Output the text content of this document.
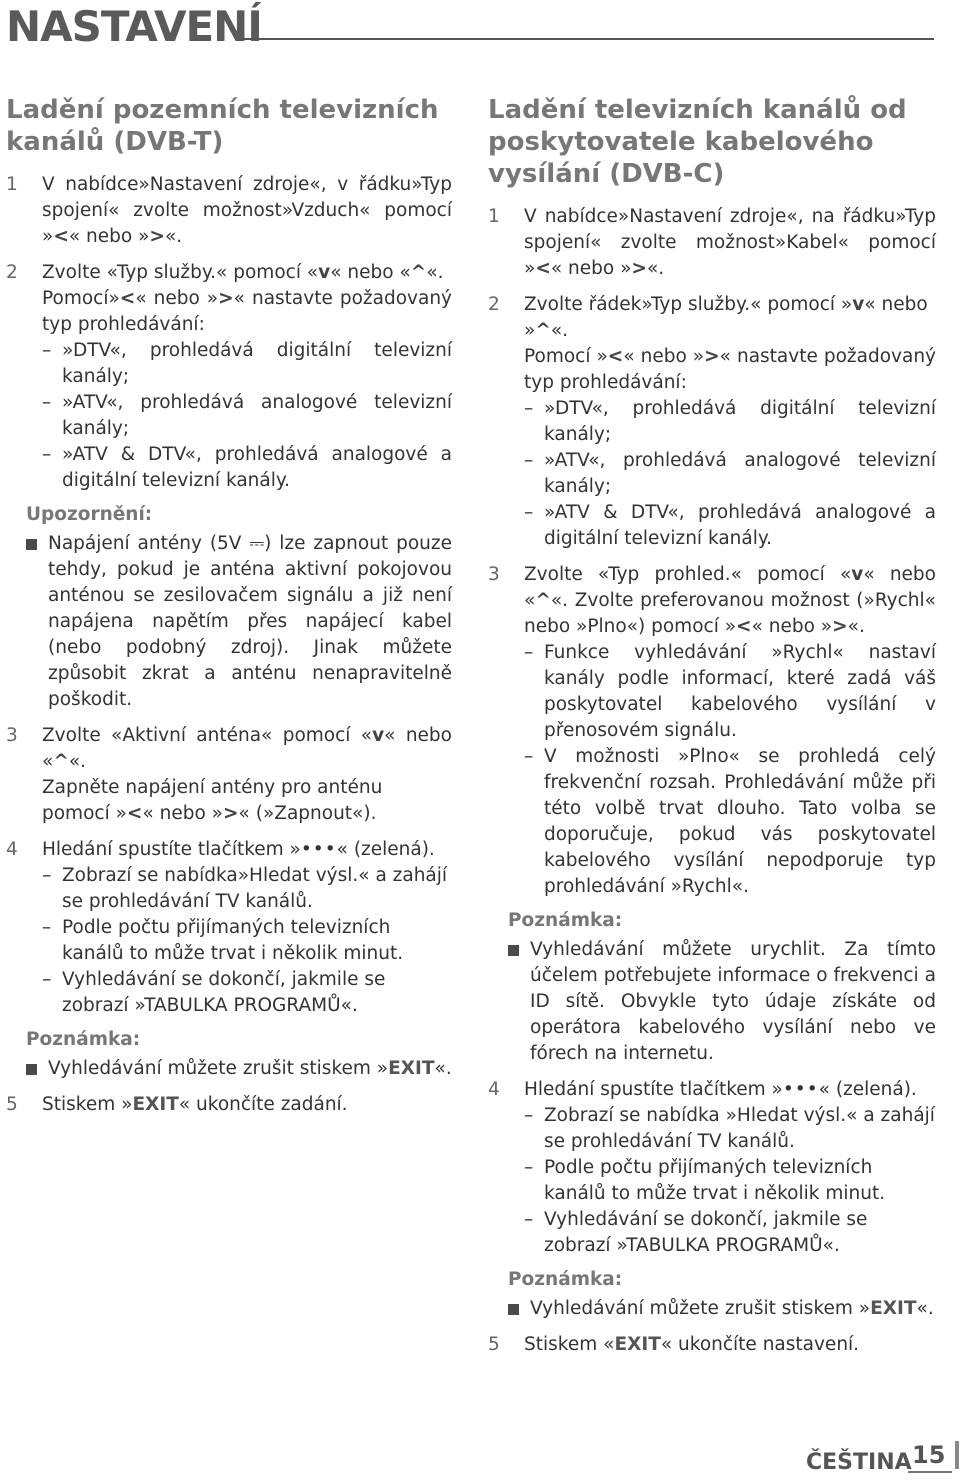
NASTAVENÍ
Ladění pozemních televizních kanálů (DVB-T)
1 V nabídce»Nastavení zdroje«, v řádku»Typ spojení« zvolte možnost»Vzduch« pomocí »<« nebo »>«.
2 Zvolte «Typ služby.« pomocí «v« nebo «^«.
Pomocí»<« nebo »>« nastavte požadovaný typ prohledávání:
– »DTV«, prohledává digitální televizní kanály;
– »ATV«, prohledává analogové televizní kanály;
– »ATV & DTV«, prohledává analogové a digitální televizní kanály.
Upozornění:
Napájení antény (5V ⎓) lze zapnout pouze tehdy, pokud je anténa aktivní pokojovou anténou se zesilovačem signálu a již není napájena napětím přes napájecí kabel (nebo podobný zdroj). Jinak můžete způsobit zkrat a anténu nenapravitelně poškodit.
3 Zvolte «Aktivní anténa« pomocí «v« nebo «^«.
Zapněte napájení antény pro anténu pomocí »<« nebo »>« (»Zapnout«).
4 Hledání spustíte tlačítkem »•••« (zelená).
– Zobrazí se nabídka»Hledat výsl.« a zahájí se prohledávání TV kanálů.
– Podle počtu přijímaných televizních kanálů to může trvat i několik minut.
– Vyhledávání se dokončí, jakmile se zobrazí »TABULKA PROGRAMŮ«.
Poznámka:
Vyhledávání můžete zrušit stiskem »EXIT«.
5 Stiskem »EXIT« ukončíte zadání.
Ladění televizních kanálů od poskytovatele kabelového vysílání (DVB-C)
1 V nabídce»Nastavení zdroje«, na řádku»Typ spojení« zvolte možnost»Kabel« pomocí »<« nebo »>«.
2 Zvolte řádek»Typ služby.« pomocí »v« nebo »^«.
Pomocí »<« nebo »>« nastavte požadovaný typ prohledávání:
– »DTV«, prohledává digitální televizní kanály;
– »ATV«, prohledává analogové televizní kanály;
– »ATV & DTV«, prohledává analogové a digitální televizní kanály.
3 Zvolte «Typ prohled.« pomocí «v« nebo «^«. Zvolte preferovanou možnost (»Rychl« nebo »Plno«) pomocí »<« nebo »>«.
– Funkce vyhledávání »Rychl« nastaví kanály podle informací, které zadá váš poskytovatel kabelového vysílání v přenosovém signálu.
– V možnosti »Plno« se prohledá celý frekvenční rozsah. Prohledávání může při této volbě trvat dlouho. Tato volba se doporučuje, pokud vás poskytovatel kabelového vysílání nepodporuje typ prohledávání »Rychl«.
Poznámka:
Vyhledávání můžete urychlit. Za tímto účelem potřebujete informace o frekvenci a ID sítě. Obvykle tyto údaje získáte od operátora kabelového vysílání nebo ve fórech na internetu.
4 Hledání spustíte tlačítkem »•••« (zelená).
– Zobrazí se nabídka »Hledat výsl.« a zahájí se prohledávání TV kanálů.
– Podle počtu přijímaných televizních kanálů to může trvat i několik minut.
– Vyhledávání se dokončí, jakmile se zobrazí »TABULKA PROGRAMŮ«.
Poznámka:
Vyhledávání můžete zrušit stiskem »EXIT«.
5 Stiskem «EXIT« ukončíte nastavení.
ČEŠTINA 15
